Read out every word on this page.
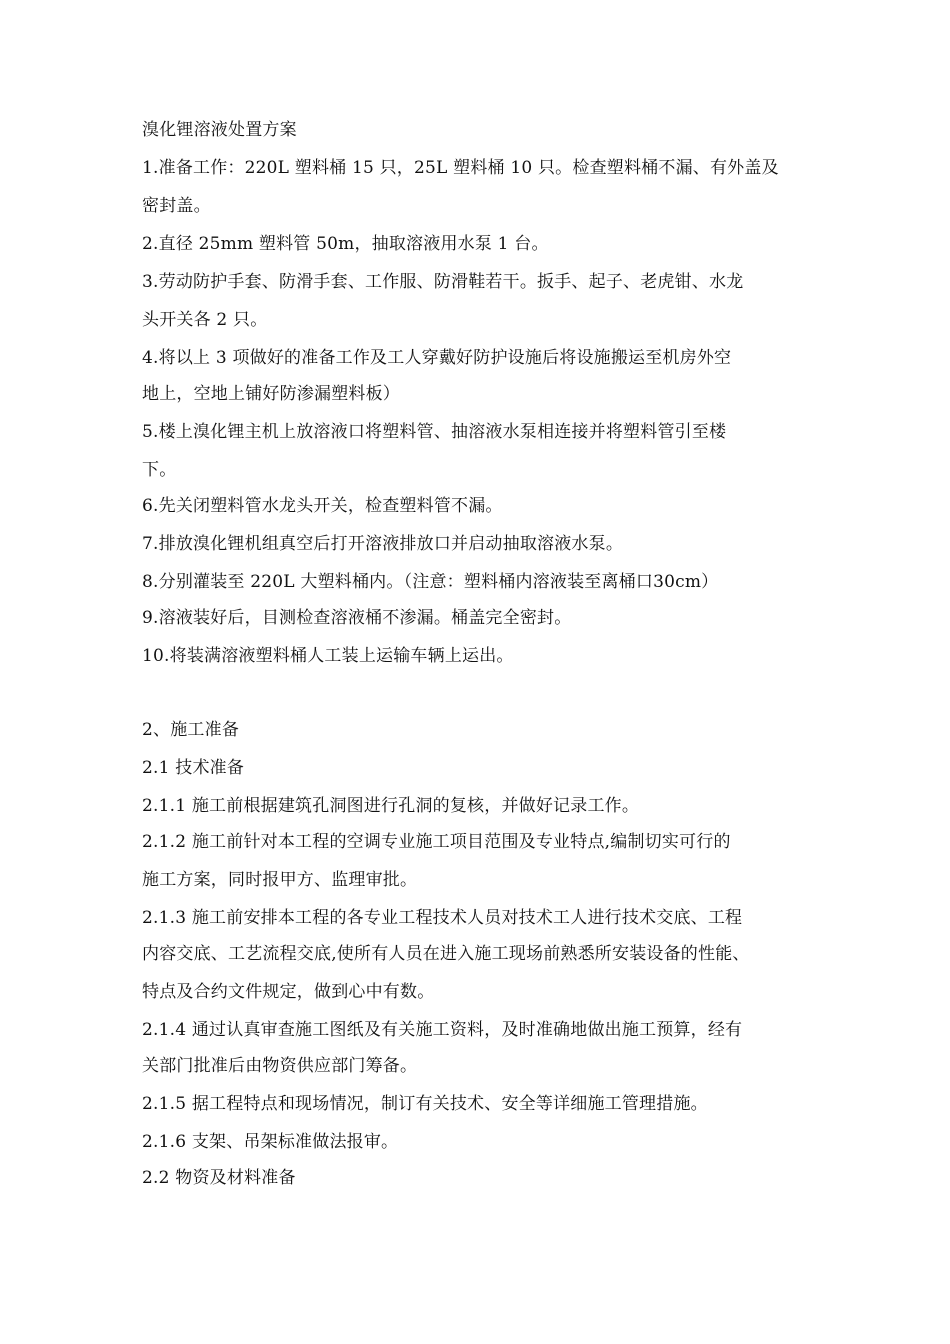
溴化锂溶液处置方案
1.准备工作：220L 塑料桶 15 只，25L 塑料桶 10 只。检查塑料桶不漏、有外盖及
密封盖。
2.直径 25mm 塑料管 50m，抽取溶液用水泵 1 台。
3.劳动防护手套、防滑手套、工作服、防滑鞋若干。扳手、起子、老虎钳、水龙
头开关各 2 只。
4.将以上 3 项做好的准备工作及工人穿戴好防护设施后将设施搬运至机房外空
地上，空地上铺好防渗漏塑料板）
5.楼上溴化锂主机上放溶液口将塑料管、抽溶液水泵相连接并将塑料管引至楼
下。
6.先关闭塑料管水龙头开关，检查塑料管不漏。
7.排放溴化锂机组真空后打开溶液排放口并启动抽取溶液水泵。
8.分别灌装至 220L 大塑料桶内。（注意：塑料桶内溶液装至离桶口30cm）
9.溶液装好后，目测检查溶液桶不渗漏。桶盖完全密封。
10.将装满溶液塑料桶人工装上运输车辆上运出。
2、施工准备
2.1 技术准备
2.1.1 施工前根据建筑孔洞图进行孔洞的复核，并做好记录工作。
2.1.2 施工前针对本工程的空调专业施工项目范围及专业特点,编制切实可行的
施工方案，同时报甲方、监理审批。
2.1.3 施工前安排本工程的各专业工程技术人员对技术工人进行技术交底、工程
内容交底、工艺流程交底,使所有人员在进入施工现场前熟悉所安装设备的性能、
特点及合约文件规定，做到心中有数。
2.1.4 通过认真审查施工图纸及有关施工资料，及时准确地做出施工预算，经有
关部门批准后由物资供应部门筹备。
2.1.5 据工程特点和现场情况，制订有关技术、安全等详细施工管理措施。
2.1.6 支架、吊架标准做法报审。
2.2 物资及材料准备
